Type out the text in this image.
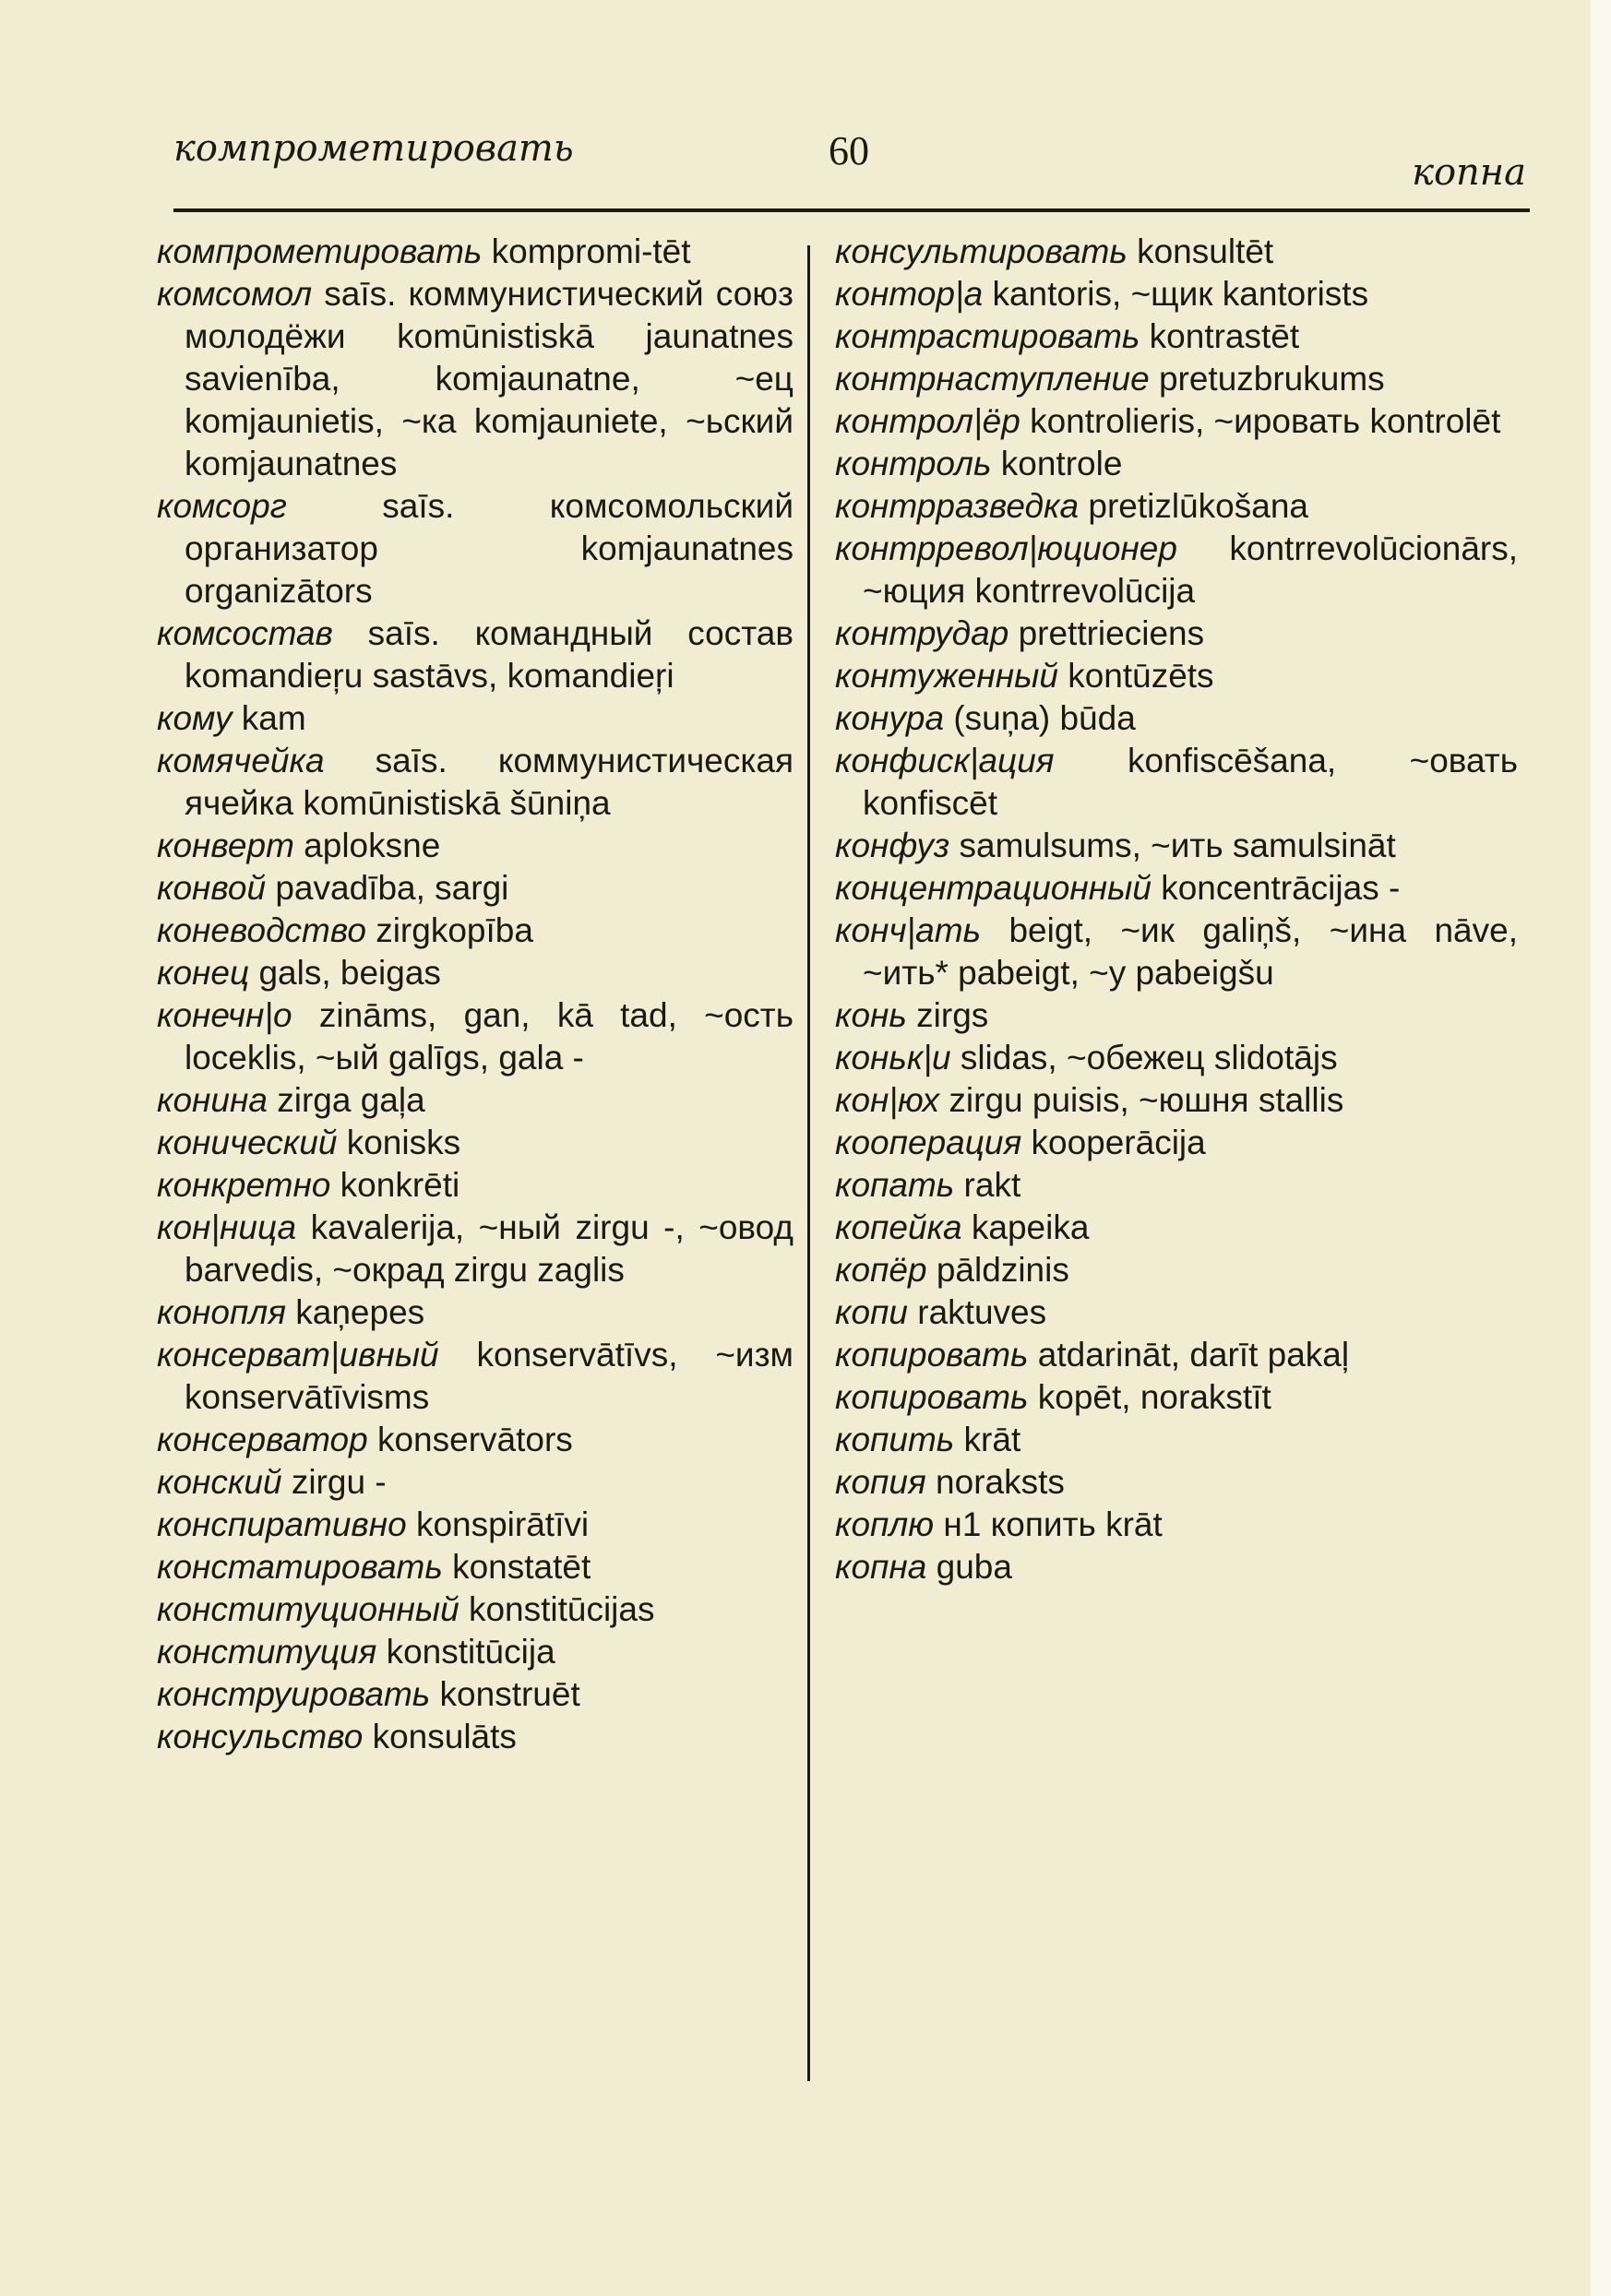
компрометировать	60	копна
компрометировать kompromi-tēt
комсомол saīs. коммунистический союз молодёжи komūnistiskā jaunatnes savienība, komjaunatne, ~ец komjaunietis, ~ка komjauniete, ~ьский komjaunatnes
комсорг	saīs. комсомольский организатор komjaunatnes organizātors
комсостав saīs. командный состав komandieŗu sastāvs, komandieŗi
кому kam
комячейка saīs. коммунистическая ячейка komūnistiskā šūniņa
конверт aploksne
конвой pavadība, sargi
коневодство zirgkopība
конец gals, beigas
конечн|о zināms, gan, kā tad, ~ость loceklis, ~ый galīgs, gala -
конина zirga gaļa
конический konisks
конкретно konkrēti
кон|ница kavalerija, ~ный zirgu -, ~овод barvedis, ~окрад zirgu zaglis
конопля kaņepes
консерват|ивный konservātīvs, ~изм konservātīvisms
консерватор konservātors
конский zirgu -
конспиративно konspirātīvi
констатировать konstatēt
конституционный konstitūcijas
конституция konstitūcija
конструировать konstruēt
консульство konsulāts
консультировать konsultēt
контор|а kantoris, ~щик kantorists
контрастировать kontrastēt
контрнаступление pretuzbrukums
контрол|ёр kontrolieris, ~ировать kontrolēt
контроль kontrole
контрразведка pretizlūkošana
контрревол|юционер kontrrevolūcionārs, ~юция kontrrevolūcija
контрудар prettrieciens
контуженный kontūzēts
конура (suņa) būda
конфиск|ация konfiscēšana, ~овать konfiscēt
конфуз samulsums, ~ить samulsināt
концентрационный koncentrācijas -
конч|ать beigt, ~ик galiņš, ~ина nāve, ~ить* pabeigt, ~у pabeigšu
конь zirgs
коньк|и slidas, ~обежец slidotājs
кон|юх zirgu puisis, ~юшня stallis
кооперация kooperācija
копать rakt
копейка kapeika
копёр pāldzinis
копи raktuves
копировать atdarināt, darīt pakaļ
копировать kopēt, norakstīt
копить krāt
копия noraksts
коплю н1 копить krāt
копна guba
